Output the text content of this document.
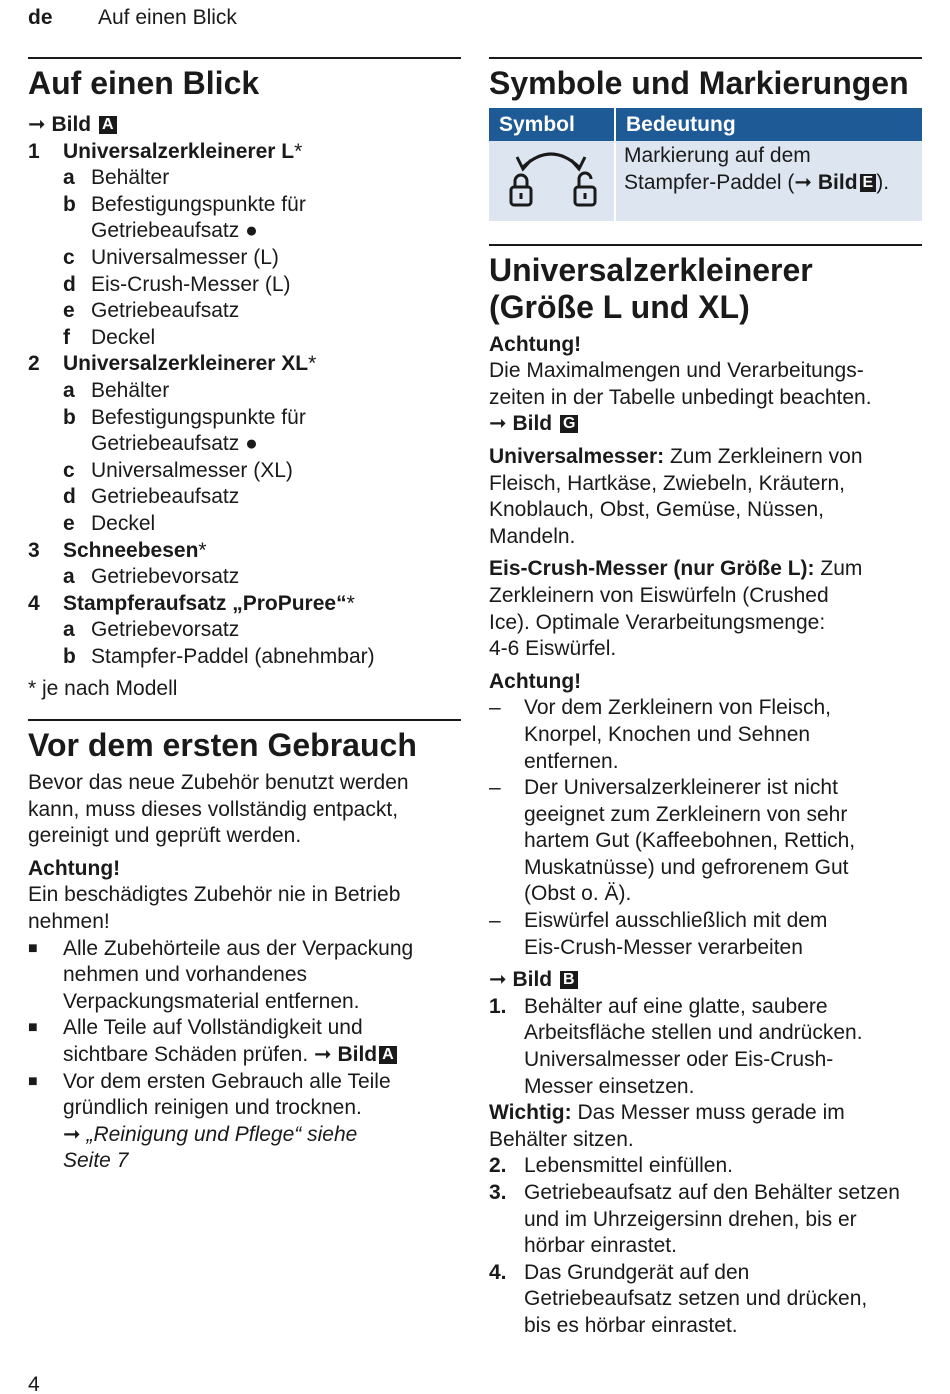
de Auf einen Blick
Auf einen Blick
➞ Bild A
1	Universalzerkleinerer L*
a Behälter
b Befestigungspunkte für
Getriebeaufsatz ●
c Universalmesser (L)
d Eis-Crush-Messer (L)
e Getriebeaufsatz
f	Deckel
2	Universalzerkleinerer XL*
a Behälter
b Befestigungspunkte für
Getriebeaufsatz ●
c Universalmesser (XL)
d Getriebeaufsatz
e Deckel
3	Schneebesen*
a Getriebevorsatz
4	Stampferaufsatz „ProPuree“*
a Getriebevorsatz
b Stampfer-Paddel (abnehmbar)
* je nach Modell
Vor dem ersten Gebrauch
Bevor das neue Zubehör benutzt werden
kann, muss dieses vollständig entpackt,
gereinigt und geprüft werden.
Achtung!
Ein beschädigtes Zubehör nie in Betrieb
nehmen!
■	Alle Zubehörteile aus der Verpackung
nehmen und vorhandenes
Verpackungsmaterial entfernen.
■	Alle Teile auf Vollständigkeit und
sichtbare Schäden prüfen. ➞ Bild A
■	Vor dem ersten Gebrauch alle Teile
gründlich reinigen und trocknen.
➞ „Reinigung und Pflege“ siehe
Seite 7
Symbole und Markierungen
Symbol	Bedeutung

Markierung auf dem
Stampfer-Paddel (➞ Bild E ).
Universalzerkleinerer
(Größe L und XL)
Achtung!
Die Maximalmengen und Verarbeitungs-
zeiten in der Tabelle unbedingt beachten.
➞ Bild G
Universalmesser: Zum Zerkleinern von
Fleisch, Hartkäse, Zwiebeln, Kräutern,
Knoblauch, Obst, Gemüse, Nüssen,
Mandeln.
Eis-Crush-Messer (nur Größe L): Zum
Zerkleinern von Eiswürfeln (Crushed
Ice). Optimale Verarbeitungsmenge:
4-6 Eiswürfel.
Achtung!
–	Vor dem Zerkleinern von Fleisch,
Knorpel, Knochen und Sehnen
entfernen.
–	Der Universalzerkleinerer ist nicht
geeignet zum Zerkleinern von sehr
hartem Gut (Kaffeebohnen, Rettich,
Muskatnüsse) und gefrorenem Gut
(Obst o. Ä).
–	Eiswürfel ausschließlich mit dem
Eis-Crush-Messer verarbeiten
➞ Bild B
1. Behälter auf eine glatte, saubere
Arbeitsfläche stellen und andrücken.
Universalmesser oder Eis-Crush-
Messer einsetzen.
Wichtig: Das Messer muss gerade im
Behälter sitzen.
2. Lebensmittel einfüllen.
3. Getriebeaufsatz auf den Behälter setzen
und im Uhrzeigersinn drehen, bis er
hörbar einrastet.
4. Das Grundgerät auf den
Getriebeaufsatz setzen und drücken,
bis es hörbar einrastet.
4
